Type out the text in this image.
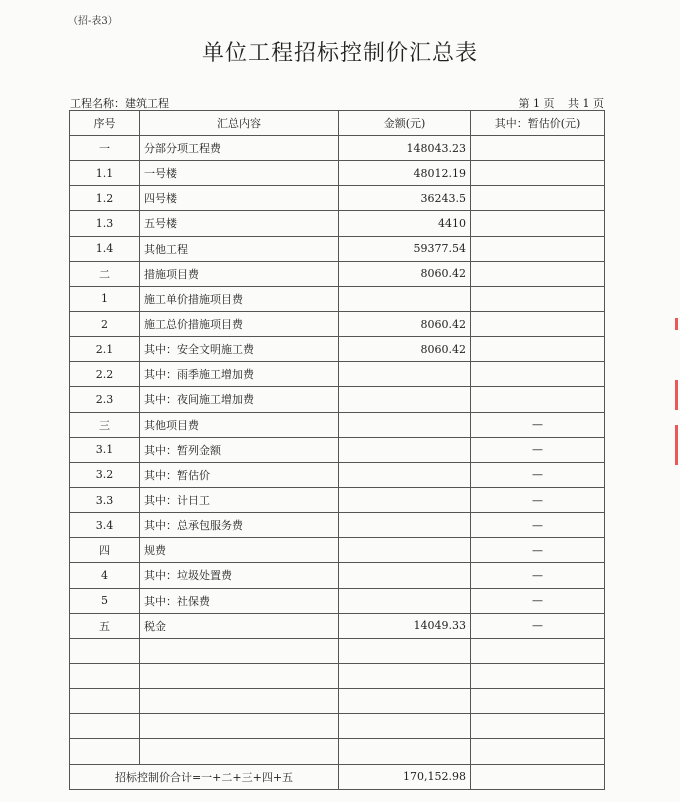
（招-表3）
单位工程招标控制价汇总表
工程名称：建筑工程	第 1 页 共 1 页
序号	汇总内容	金额(元)	其中：暂估价(元)
一	分部分项工程费	148043.23	
1.1	一号楼	48012.19	
1.2	四号楼	36243.5	
1.3	五号楼	4410	
1.4	其他工程	59377.54	
二	措施项目费	8060.42	
1	施工单价措施项目费		
2	施工总价措施项目费	8060.42	
2.1	其中：安全文明施工费	8060.42	
2.2	其中：雨季施工增加费		
2.3	其中：夜间施工增加费		
三	其他项目费		—
3.1	其中：暂列金额		—
3.2	其中：暂估价		—
3.3	其中：计日工		—
3.4	其中：总承包服务费		—
四	规费		—
4	其中：垃圾处置费		—
5	其中：社保费		—
五	税金	14049.33	—

招标控制价合计=一+二+三+四+五		170,152.98	
